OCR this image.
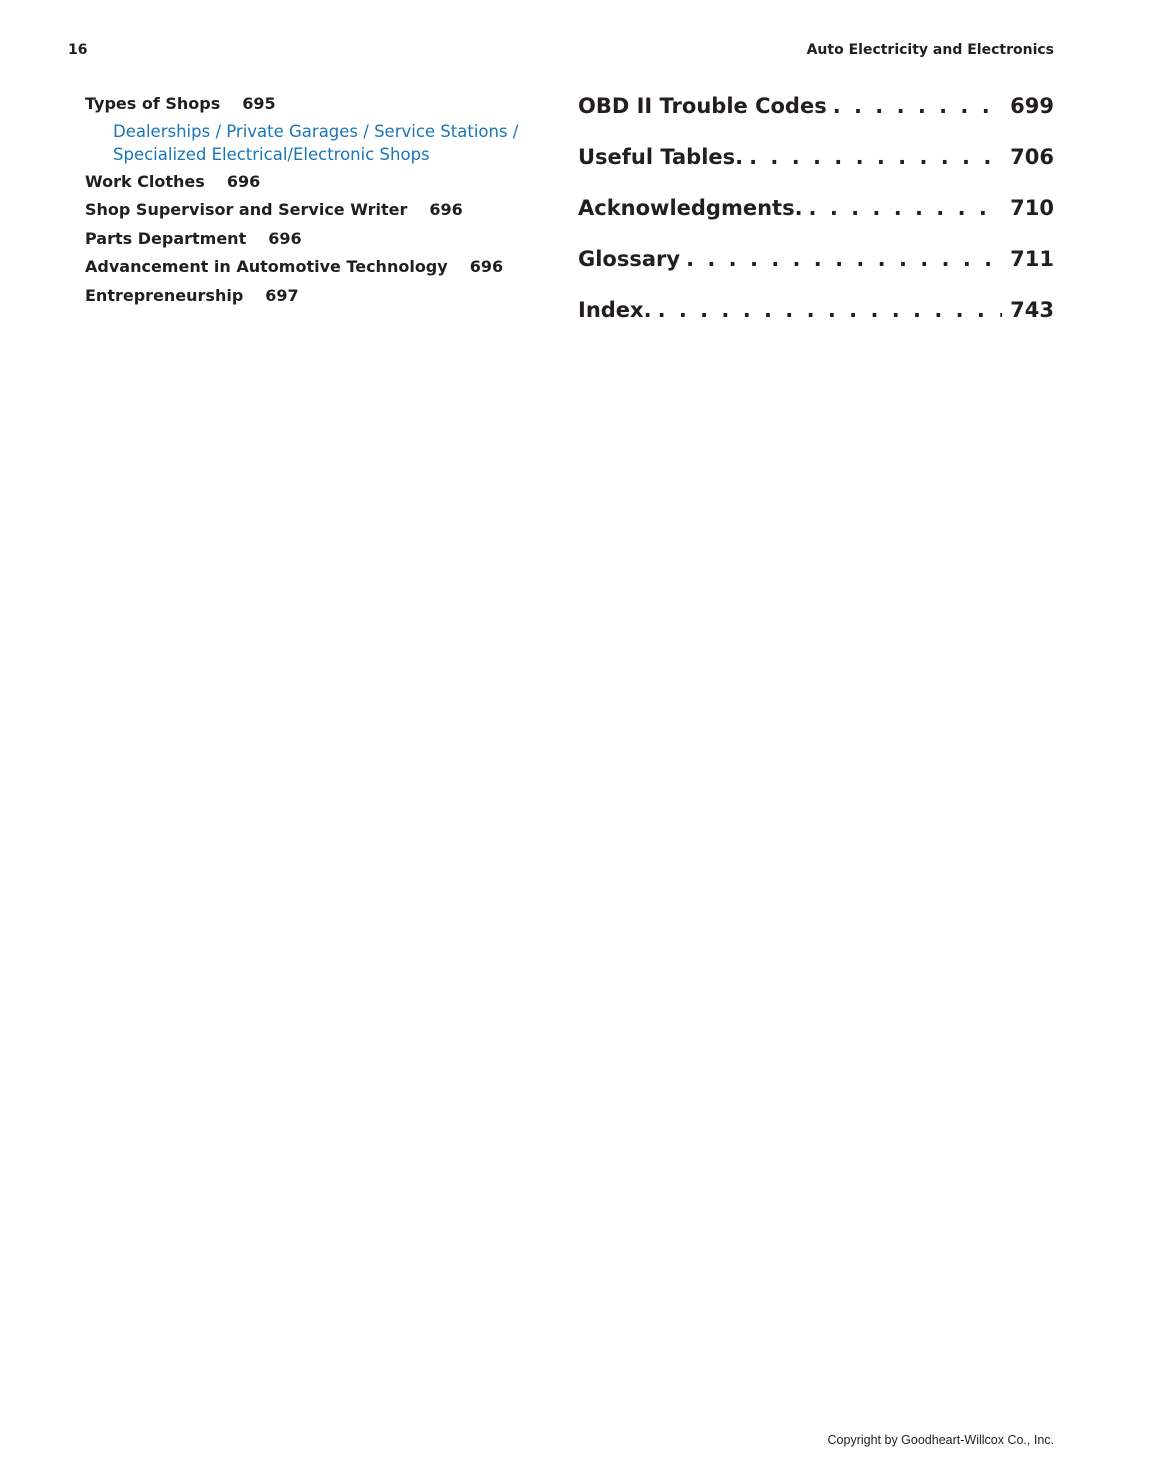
16	Auto Electricity and Electronics
Types of Shops 695
Dealerships / Private Garages / Service Stations /
Specialized Electrical/Electronic Shops
Work Clothes 696
Shop Supervisor and Service Writer 696
Parts Department 696
Advancement in Automotive Technology 696
Entrepreneurship 697
OBD II Trouble Codes . . .	699
Useful Tables. . . .	706
Acknowledgments. . . .	710
Glossary . . .	711
Index. . . .	743
Copyright by Goodheart-Willcox Co., Inc.
